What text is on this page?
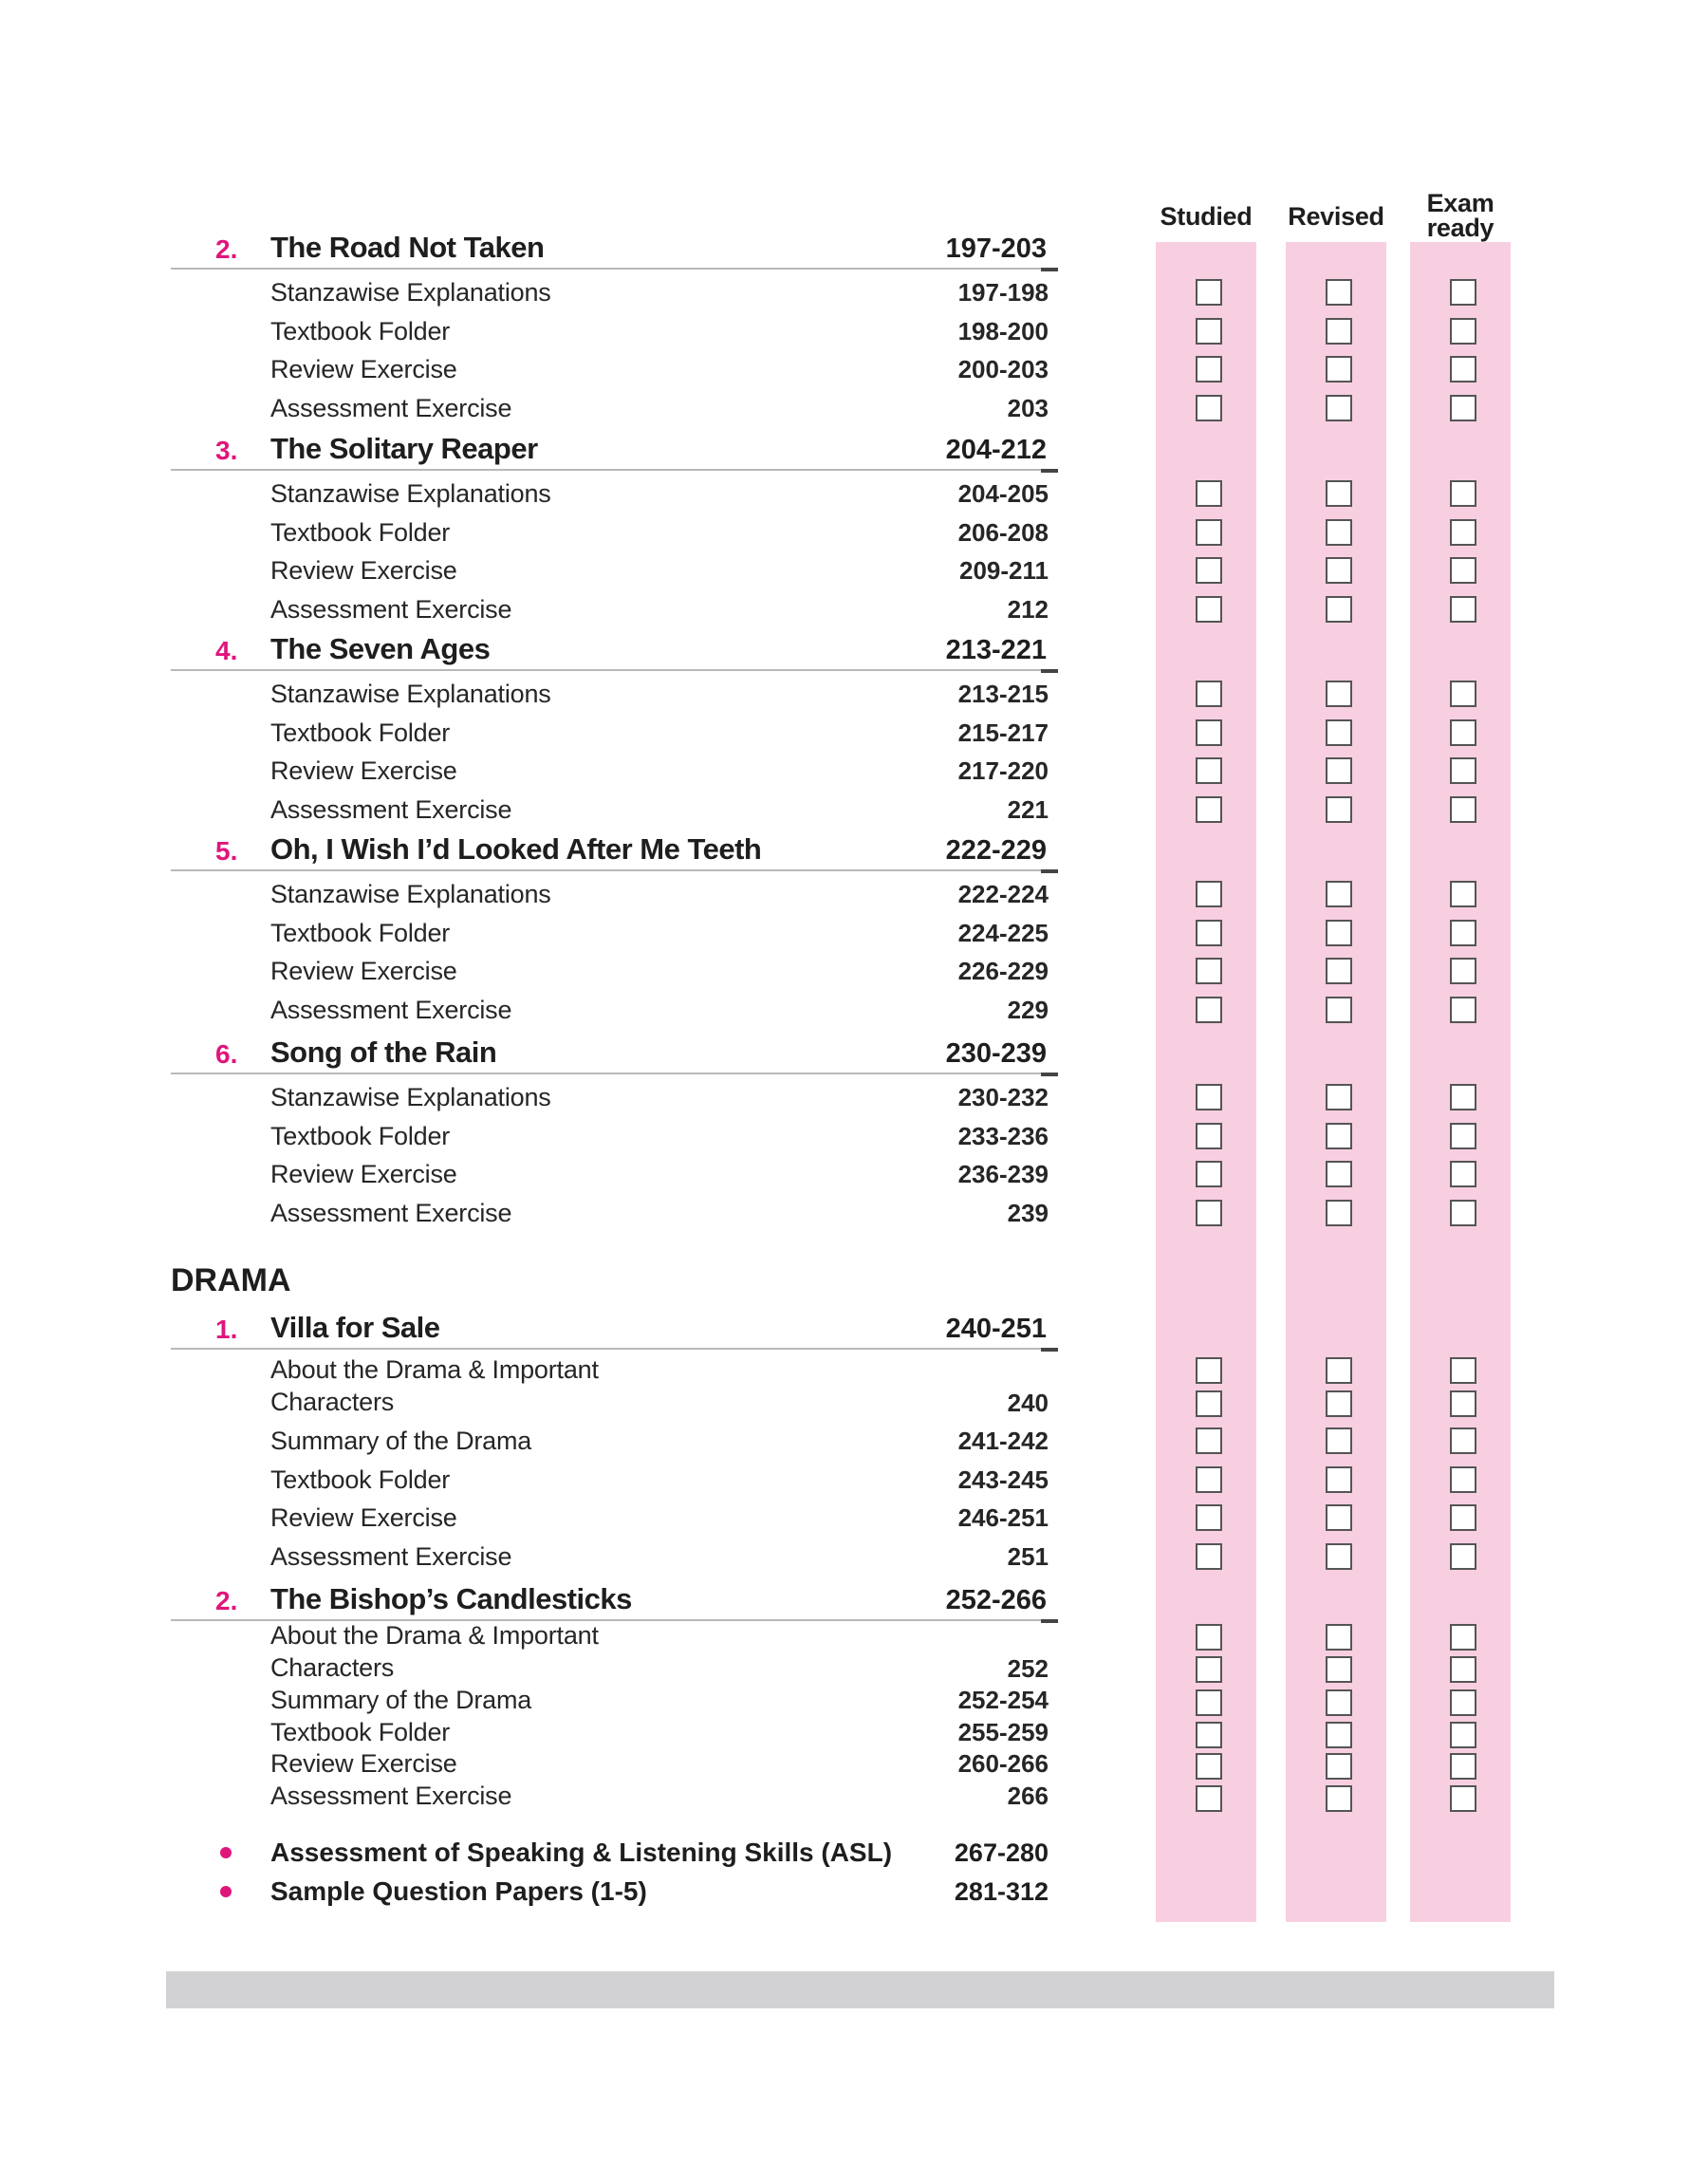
Studied	Revised	Exam ready
DRAMA
2. The Road Not Taken	197-203
Stanzawise Explanations	197-198
Textbook Folder	198-200
Review Exercise	200-203
Assessment Exercise	203
3. The Solitary Reaper	204-212
Stanzawise Explanations	204-205
Textbook Folder	206-208
Review Exercise	209-211
Assessment Exercise	212
4. The Seven Ages	213-221
Stanzawise Explanations	213-215
Textbook Folder	215-217
Review Exercise	217-220
Assessment Exercise	221
5. Oh, I Wish I’d Looked After Me Teeth	222-229
Stanzawise Explanations	222-224
Textbook Folder	224-225
Review Exercise	226-229
Assessment Exercise	229
6. Song of the Rain	230-239
Stanzawise Explanations	230-232
Textbook Folder	233-236
Review Exercise	236-239
Assessment Exercise	239
1. Villa for Sale	240-251
About the Drama & Important
Characters	240
Summary of the Drama	241-242
Textbook Folder	243-245
Review Exercise	246-251
Assessment Exercise	251
2. The Bishop’s Candlesticks	252-266
About the Drama & Important
Characters	252
Summary of the Drama	252-254
Textbook Folder	255-259
Review Exercise	260-266
Assessment Exercise	266
Assessment of Speaking & Listening Skills (ASL) 267-280
Sample Question Papers (1-5)	281-312
